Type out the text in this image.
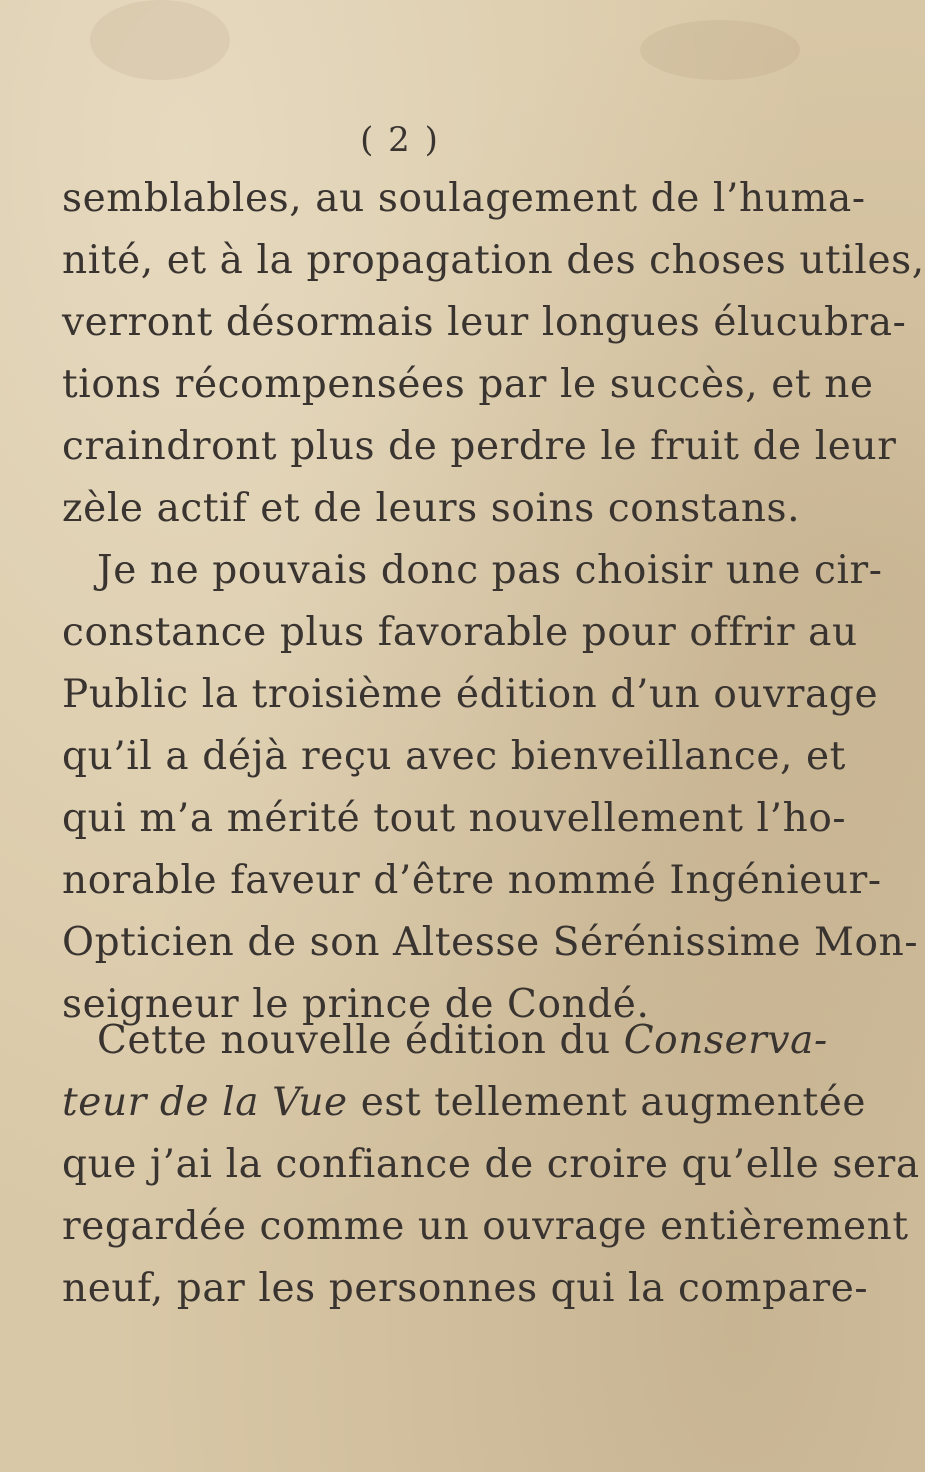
( 2 )
semblables, au soulagement de l’huma-
nité, et à la propagation des choses utiles,
verront désormais leur longues élucubra-
tions récompensées par le succès, et ne
craindront plus de perdre le fruit de leur
zèle actif et de leurs soins constans.
Je ne pouvais donc pas choisir une cir-
constance plus favorable pour offrir au
Public la troisième édition d’un ouvrage
qu’il a déjà reçu avec bienveillance, et
qui m’a mérité tout nouvellement l’ho-
norable faveur d’être nommé Ingénieur-
Opticien de son Altesse Sérénissime Mon-
seigneur le prince de Condé.
Cette nouvelle édition du Conserva-
teur de la Vue est tellement augmentée
que j’ai la confiance de croire qu’elle sera
regardée comme un ouvrage entièrement
neuf, par les personnes qui la compare-
